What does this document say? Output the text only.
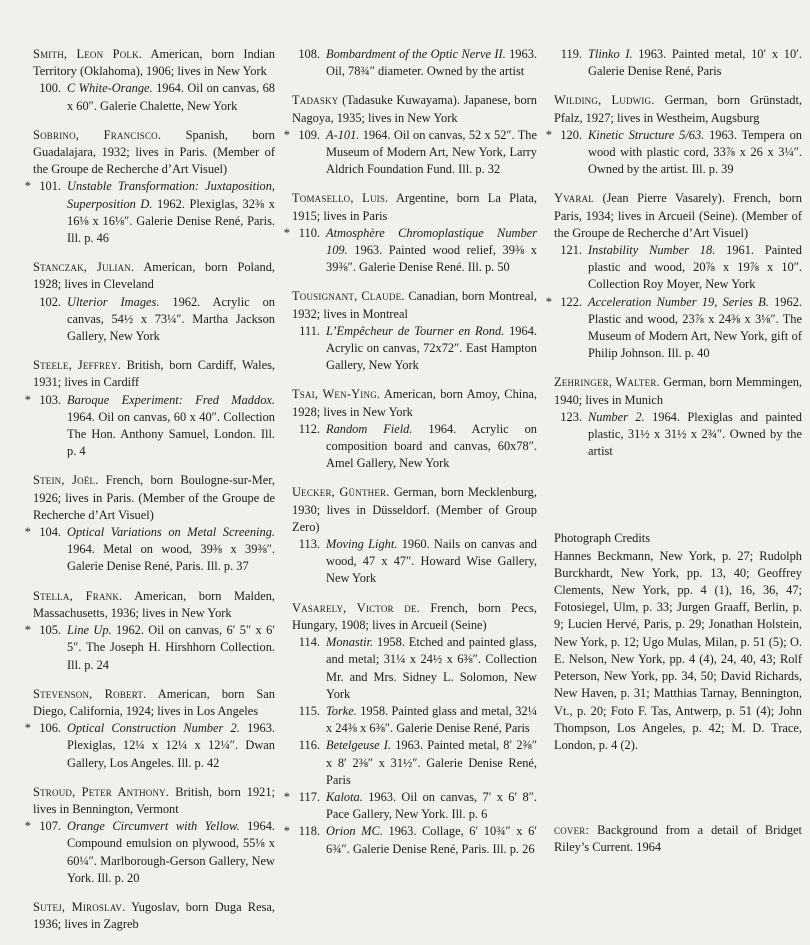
Smith, Leon Polk. American, born Indian Territory (Oklahoma), 1906; lives in New York
100. C White-Orange. 1964. Oil on canvas, 68 x 60″. Galerie Chalette, New York
Sobrino, Francisco. Spanish, born Guadalajara, 1932; lives in Paris. (Member of the Groupe de Recherche d’Art Visuel)
* 101. Unstable Transformation: Juxtaposition, Superposition D. 1962. Plexiglas, 32⅜ x 16⅛ x 16⅛″. Galerie Denise René, Paris. Ill. p. 46
Stanczak, Julian. American, born Poland, 1928; lives in Cleveland
102. Ulterior Images. 1962. Acrylic on canvas, 54½ x 73¼″. Martha Jackson Gallery, New York
Steele, Jeffrey. British, born Cardiff, Wales, 1931; lives in Cardiff
* 103. Baroque Experiment: Fred Maddox. 1964. Oil on canvas, 60 x 40″. Collection The Hon. Anthony Samuel, London. Ill. p. 4
Stein, Joël. French, born Boulogne-sur-Mer, 1926; lives in Paris. (Member of the Groupe de Recherche d’Art Visuel)
* 104. Optical Variations on Metal Screening. 1964. Metal on wood, 39⅜ x 39⅜″. Galerie Denise René, Paris. Ill. p. 37
Stella, Frank. American, born Malden, Massachusetts, 1936; lives in New York
* 105. Line Up. 1962. Oil on canvas, 6′ 5″ x 6′ 5″. The Joseph H. Hirshhorn Collection. Ill. p. 24
Stevenson, Robert. American, born San Diego, California, 1924; lives in Los Angeles
* 106. Optical Construction Number 2. 1963. Plexiglas, 12¼ x 12¼ x 12¼″. Dwan Gallery, Los Angeles. Ill. p. 42
Stroud, Peter Anthony. British, born 1921; lives in Bennington, Vermont
* 107. Orange Circumvert with Yellow. 1964. Compound emulsion on plywood, 55⅛ x 60¼″. Marlborough-Gerson Gallery, New York. Ill. p. 20
Sutej, Miroslav. Yugoslav, born Duga Resa, 1936; lives in Zagreb
108. Bombardment of the Optic Nerve II. 1963. Oil, 78¾″ diameter. Owned by the artist
Tadasky (Tadasuke Kuwayama). Japanese, born Nagoya, 1935; lives in New York
* 109. A-101. 1964. Oil on canvas, 52 x 52″. The Museum of Modern Art, New York, Larry Aldrich Foundation Fund. Ill. p. 32
Tomasello, Luis. Argentine, born La Plata, 1915; lives in Paris
* 110. Atmosphère Chromoplastique Number 109. 1963. Painted wood relief, 39⅜ x 39⅜″. Galerie Denise René. Ill. p. 50
Tousignant, Claude. Canadian, born Montreal, 1932; lives in Montreal
111. L’Empêcheur de Tourner en Rond. 1964. Acrylic on canvas, 72x72″. East Hampton Gallery, New York
Tsai, Wen-Ying. American, born Amoy, China, 1928; lives in New York
112. Random Field. 1964. Acrylic on composition board and canvas, 60x78″. Amel Gallery, New York
Uecker, Günther. German, born Mecklenburg, 1930; lives in Düsseldorf. (Member of Group Zero)
113. Moving Light. 1960. Nails on canvas and wood, 47 x 47″. Howard Wise Gallery, New York
Vasarely, Victor de. French, born Pecs, Hungary, 1908; lives in Arcueil (Seine)
114. Monastir. 1958. Etched and painted glass, and metal; 31¼ x 24½ x 6⅜″. Collection Mr. and Mrs. Sidney L. Solomon, New York
115. Torke. 1958. Painted glass and metal, 32¼ x 24⅜ x 6⅜″. Galerie Denise René, Paris
116. Betelgeuse I. 1963. Painted metal, 8′ 2⅜″ x 8′ 2⅜″ x 31½″. Galerie Denise René, Paris
* 117. Kalota. 1963. Oil on canvas, 7′ x 6′ 8″. Pace Gallery, New York. Ill. p. 6
* 118. Orion MC. 1963. Collage, 6′ 10¾″ x 6′ 6¾″. Galerie Denise René, Paris. Ill. p. 26
119. Tlinko I. 1963. Painted metal, 10′ x 10′. Galerie Denise René, Paris
Wilding, Ludwig. German, born Grünstadt, Pfalz, 1927; lives in Westheim, Augsburg
* 120. Kinetic Structure 5/63. 1963. Tempera on wood with plastic cord, 33⅞ x 26 x 3¼″. Owned by the artist. Ill. p. 39
Yvaral (Jean Pierre Vasarely). French, born Paris, 1934; lives in Arcueil (Seine). (Member of the Groupe de Recherche d’Art Visuel)
121. Instability Number 18. 1961. Painted plastic and wood, 20⅞ x 19⅞ x 10″. Collection Roy Moyer, New York
* 122. Acceleration Number 19, Series B. 1962. Plastic and wood, 23⅞ x 24⅜ x 3⅛″. The Museum of Modern Art, New York, gift of Philip Johnson. Ill. p. 40
Zehringer, Walter. German, born Memmingen, 1940; lives in Munich
123. Number 2. 1964. Plexiglas and painted plastic, 31½ x 31½ x 2¾″. Owned by the artist
Photograph Credits
Hannes Beckmann, New York, p. 27; Rudolph Burckhardt, New York, pp. 13, 40; Geoffrey Clements, New York, pp. 4 (1), 16, 36, 47; Fotosiegel, Ulm, p. 33; Jurgen Graaff, Berlin, p. 9; Lucien Hervé, Paris, p. 29; Jonathan Holstein, New York, p. 12; Ugo Mulas, Milan, p. 51 (5); O. E. Nelson, New York, pp. 4 (4), 24, 40, 43; Rolf Peterson, New York, pp. 34, 50; David Richards, New Haven, p. 31; Matthias Tarnay, Bennington, Vt., p. 20; Foto F. Tas, Antwerp, p. 51 (4); John Thompson, Los Angeles, p. 42; M. D. Trace, London, p. 4 (2).
cover: Background from a detail of Bridget Riley’s Current. 1964
